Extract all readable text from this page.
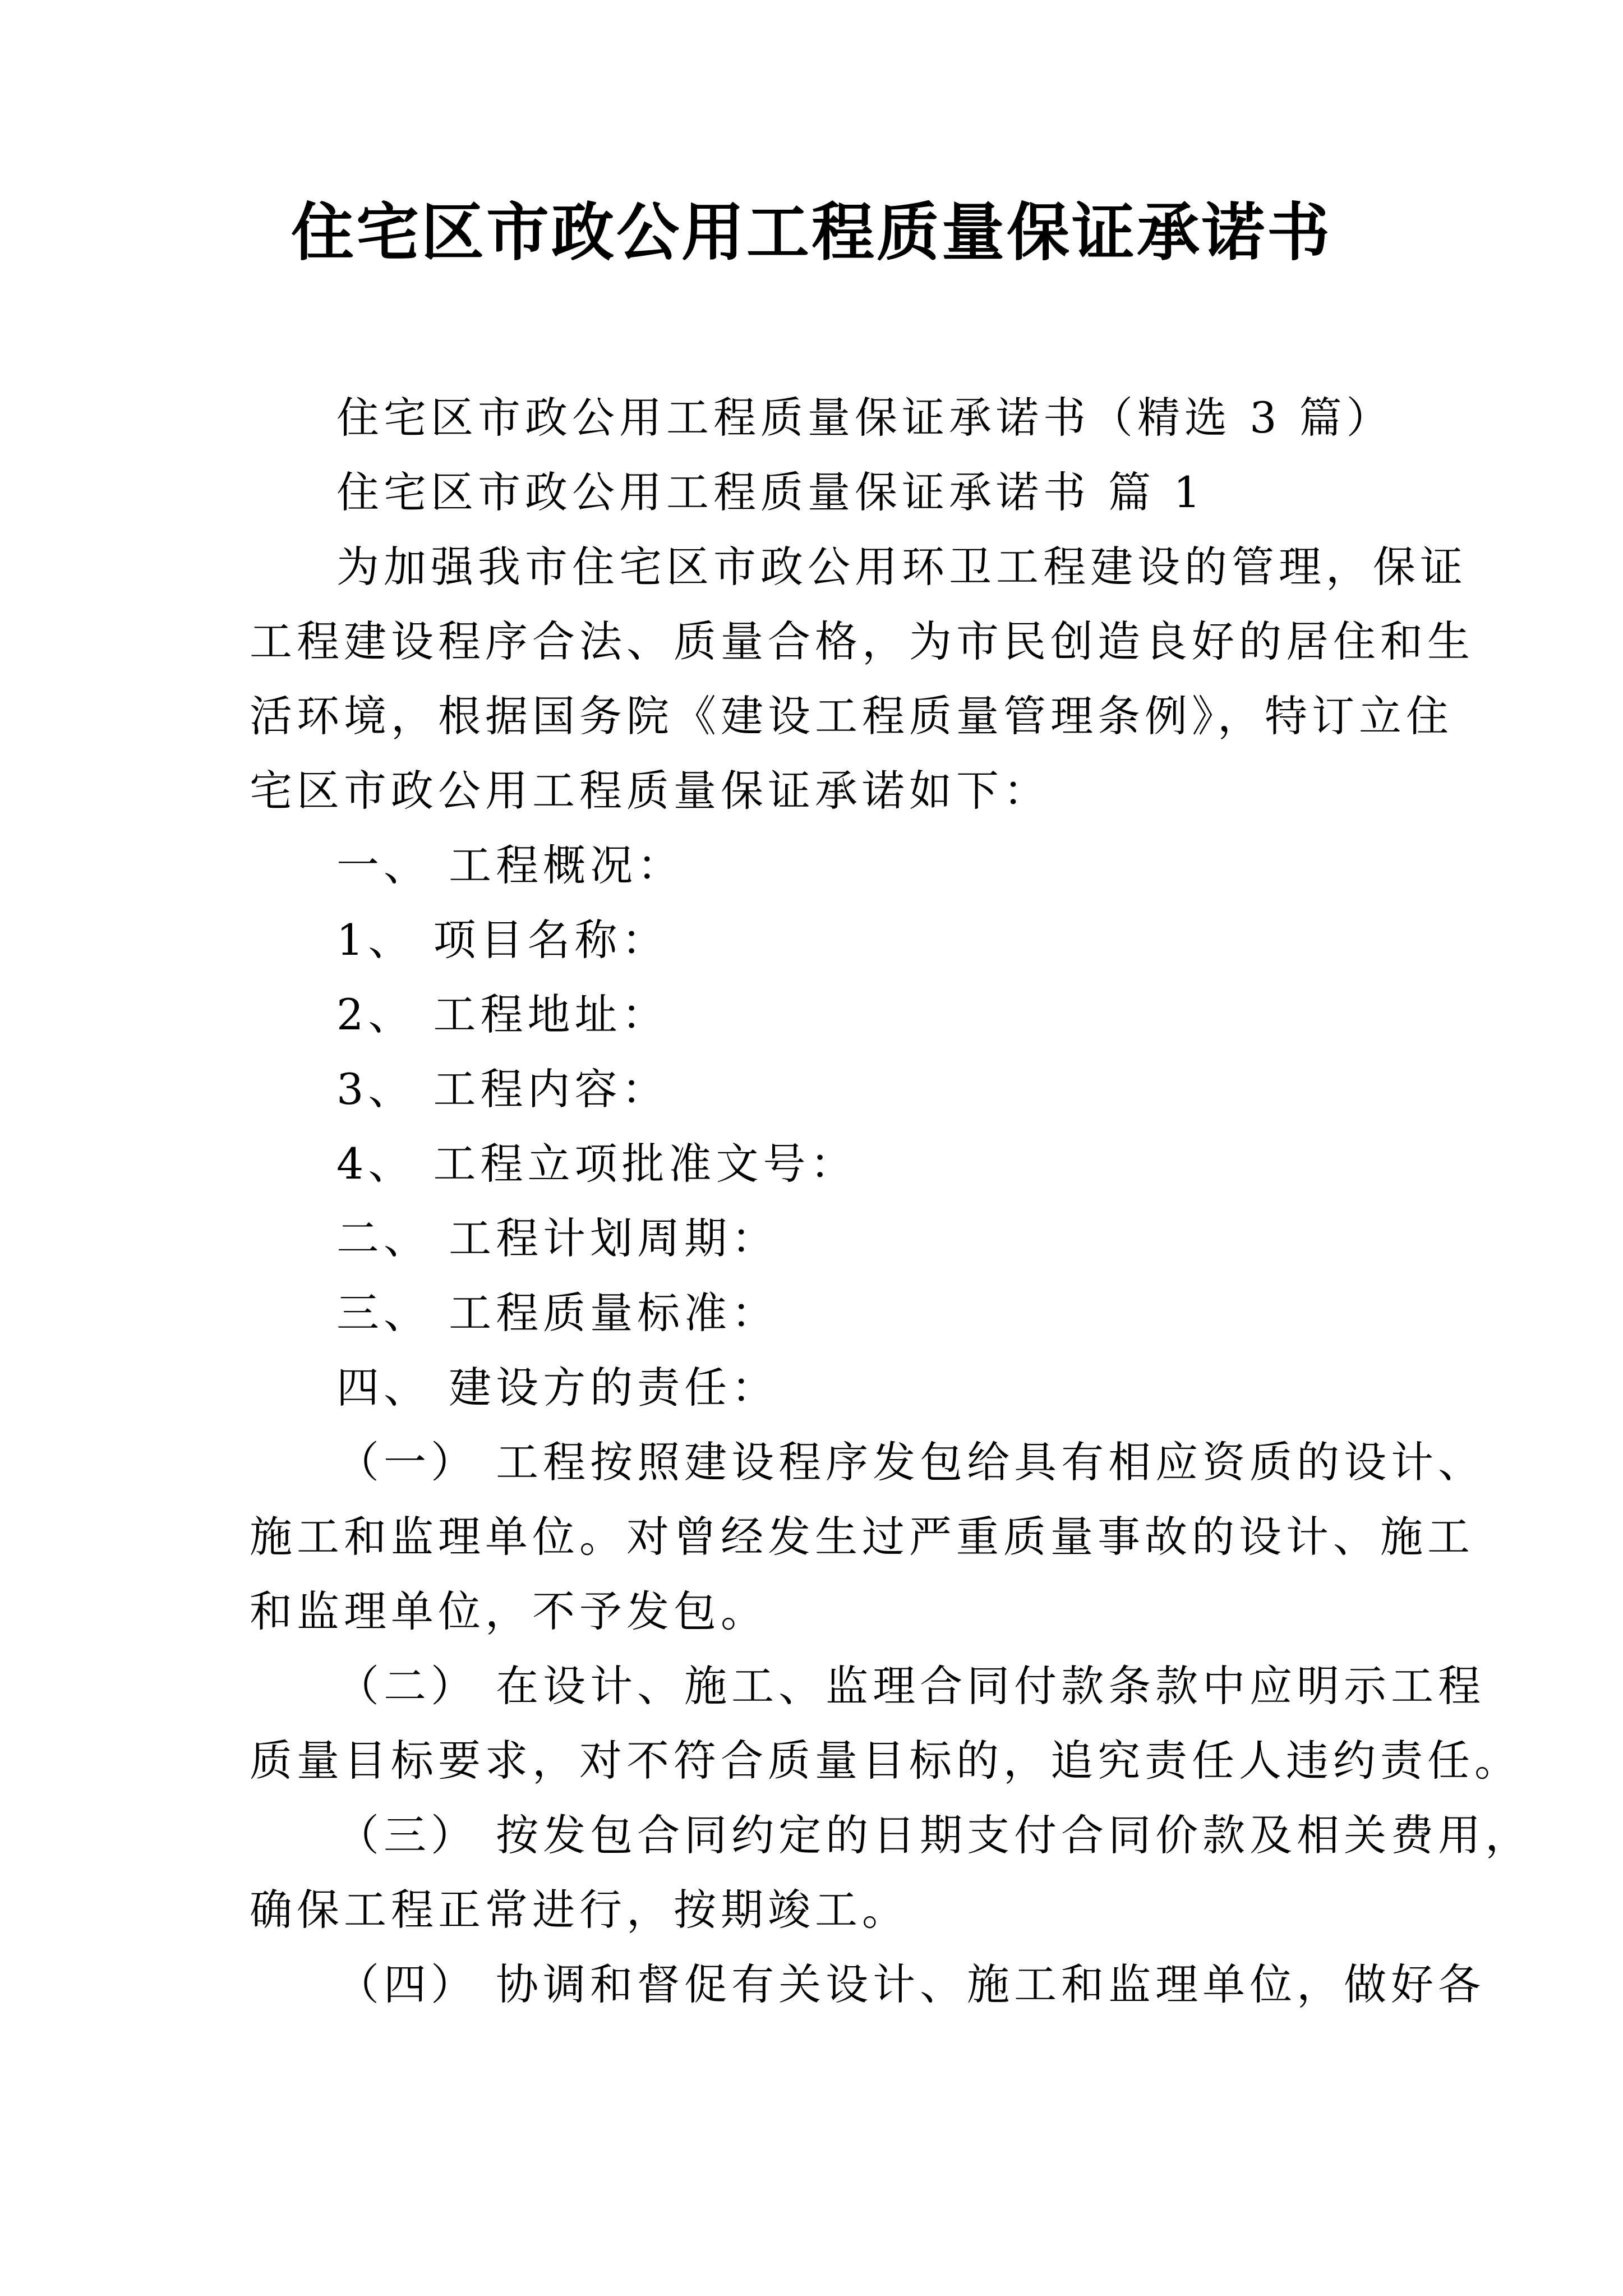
住宅区市政公用工程质量保证承诺书
住宅区市政公用工程质量保证承诺书（精选 3 篇）
住宅区市政公用工程质量保证承诺书 篇 1
为加强我市住宅区市政公用环卫工程建设的管理，保证
工程建设程序合法、质量合格，为市民创造良好的居住和生
活环境，根据国务院《建设工程质量管理条例》，特订立住
宅区市政公用工程质量保证承诺如下：
一、 工程概况：
1、 项目名称：
2、 工程地址：
3、 工程内容：
4、 工程立项批准文号：
二、 工程计划周期：
三、 工程质量标准：
四、 建设方的责任：
（一） 工程按照建设程序发包给具有相应资质的设计、
施工和监理单位。对曾经发生过严重质量事故的设计、施工
和监理单位，不予发包。
（二） 在设计、施工、监理合同付款条款中应明示工程
质量目标要求，对不符合质量目标的，追究责任人违约责任。
（三） 按发包合同约定的日期支付合同价款及相关费用，
确保工程正常进行，按期竣工。
（四） 协调和督促有关设计、施工和监理单位，做好各
